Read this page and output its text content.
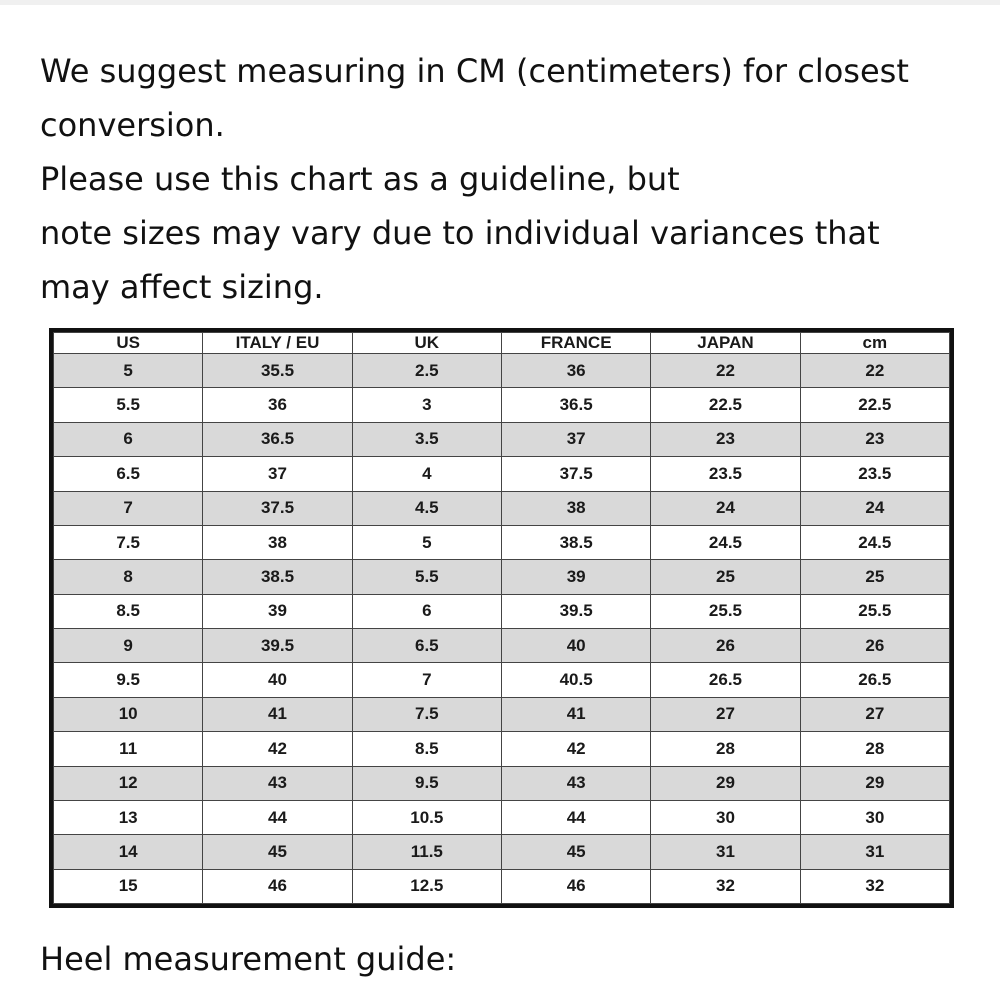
We suggest measuring in CM (centimeters) for closest
conversion.
Please use this chart as a guideline, but
note sizes may vary due to individual variances that
may affect sizing.

US	ITALY / EU	UK	FRANCE	JAPAN	cm
5	35.5	2.5	36	22	22
5.5	36	3	36.5	22.5	22.5
6	36.5	3.5	37	23	23
6.5	37	4	37.5	23.5	23.5
7	37.5	4.5	38	24	24
7.5	38	5	38.5	24.5	24.5
8	38.5	5.5	39	25	25
8.5	39	6	39.5	25.5	25.5
9	39.5	6.5	40	26	26
9.5	40	7	40.5	26.5	26.5
10	41	7.5	41	27	27
11	42	8.5	42	28	28
12	43	9.5	43	29	29
13	44	10.5	44	30	30
14	45	11.5	45	31	31
15	46	12.5	46	32	32
Heel measurement guide:
